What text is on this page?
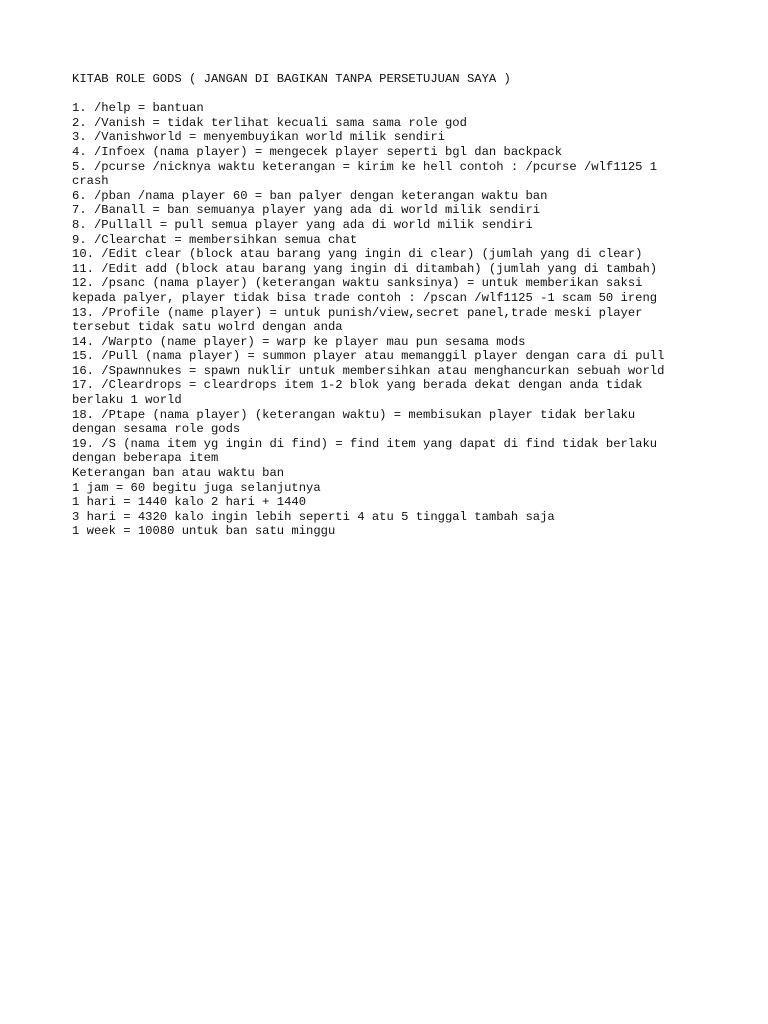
KITAB ROLE GODS ( JANGAN DI BAGIKAN TANPA PERSETUJUAN SAYA )

1. /help = bantuan

2. /Vanish = tidak terlihat kecuali sama sama role god

3. /Vanishworld = menyembuyikan world milik sendiri

4. /Infoex (nama player) = mengecek player seperti bgl dan backpack

5. /pcurse /nicknya waktu keterangan = kirim ke hell contoh : /pcurse /wlf1125 1
crash

6. /pban /nama player 60 = ban palyer dengan keterangan waktu ban

7. /Banall = ban semuanya player yang ada di world milik sendiri

8. /Pullall = pull semua player yang ada di world milik sendiri

9. /Clearchat = membersihkan semua chat

10. /Edit clear (block atau barang yang ingin di clear) (jumlah yang di clear)

11. /Edit add (block atau barang yang ingin di ditambah) (jumlah yang di tambah)

12. /psanc (nama player) (keterangan waktu sanksinya) = untuk memberikan saksi
kepada palyer, player tidak bisa trade contoh : /pscan /wlf1125 -1 scam 50 ireng

13. /Profile (name player) = untuk punish/view,secret panel,trade meski player
tersebut tidak satu wolrd dengan anda

14. /Warpto (name player) = warp ke player mau pun sesama mods

15. /Pull (nama player) = summon player atau memanggil player dengan cara di pull

16. /Spawnnukes = spawn nuklir untuk membersihkan atau menghancurkan sebuah world

17. /Cleardrops = cleardrops item 1-2 blok yang berada dekat dengan anda tidak
berlaku 1 world

18. /Ptape (nama player) (keterangan waktu) = membisukan player tidak berlaku
dengan sesama role gods

19. /S (nama item yg ingin di find) = find item yang dapat di find tidak berlaku
dengan beberapa item

Keterangan ban atau waktu ban

1 jam = 60 begitu juga selanjutnya

1 hari = 1440 kalo 2 hari + 1440

3 hari = 4320 kalo ingin lebih seperti 4 atu 5 tinggal tambah saja

1 week = 10080 untuk ban satu minggu
